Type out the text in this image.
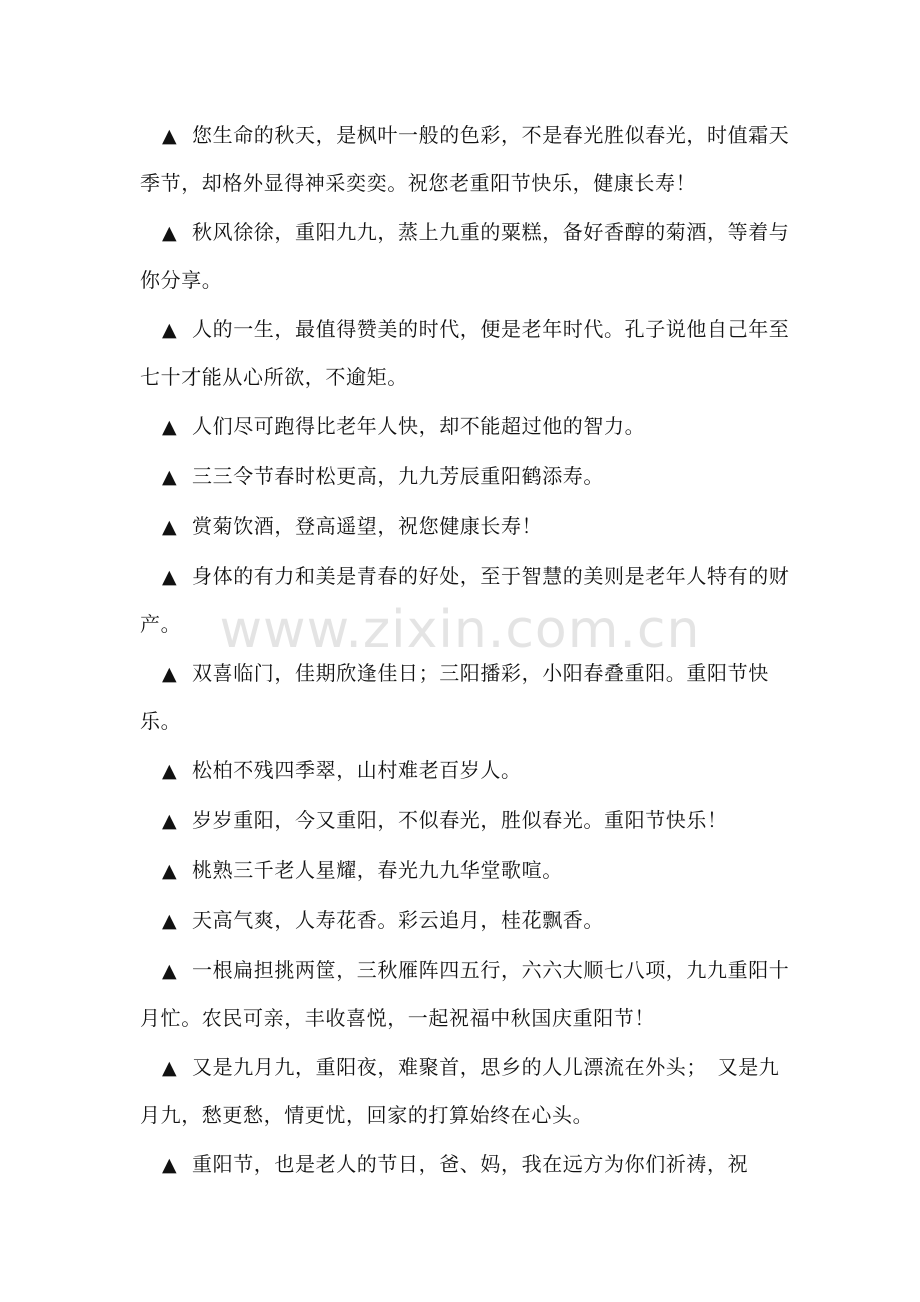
▲ 您生命的秋天，是枫叶一般的色彩，不是春光胜似春光，时值霜天季节，却格外显得神采奕奕。祝您老重阳节快乐，健康长寿！

▲ 秋风徐徐，重阳九九，蒸上九重的粟糕，备好香醇的菊酒，等着与你分享。

▲ 人的一生，最值得赞美的时代，便是老年时代。孔子说他自己年至七十才能从心所欲，不逾矩。

▲ 人们尽可跑得比老年人快，却不能超过他的智力。

▲ 三三令节春时松更高，九九芳辰重阳鹤添寿。

▲ 赏菊饮酒，登高遥望，祝您健康长寿！

▲ 身体的有力和美是青春的好处，至于智慧的美则是老年人特有的财产。

▲ 双喜临门，佳期欣逢佳日；三阳播彩，小阳春叠重阳。重阳节快乐。

▲ 松柏不残四季翠，山村难老百岁人。

▲ 岁岁重阳，今又重阳，不似春光，胜似春光。重阳节快乐！

▲ 桃熟三千老人星耀，春光九九华堂歌喧。

▲ 天高气爽，人寿花香。彩云追月，桂花飘香。

▲ 一根扁担挑两筐，三秋雁阵四五行，六六大顺七八项，九九重阳十月忙。农民可亲，丰收喜悦，一起祝福中秋国庆重阳节！

▲ 又是九月九，重阳夜，难聚首，思乡的人儿漂流在外头；　又是九月九，愁更愁，情更忧，回家的打算始终在心头。

▲ 重阳节，也是老人的节日，爸、妈，我在远方为你们祈祷，祝

www.zixin.com.cn
